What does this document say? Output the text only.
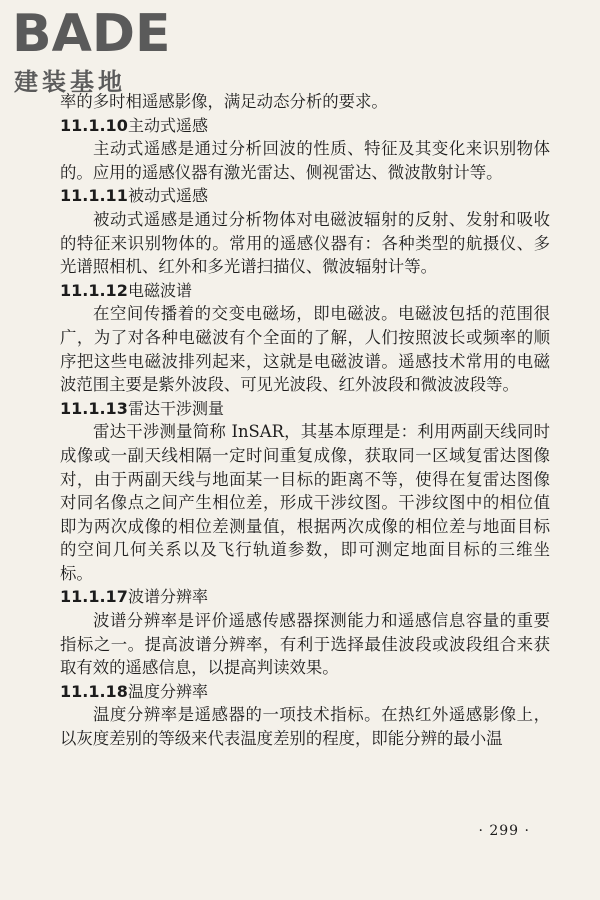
BADE
建装基地

率的多时相遥感影像，满足动态分析的要求。

11.1.10主动式遥感

主动式遥感是通过分析回波的性质、特征及其变化来识别物体的。应用的遥感仪器有激光雷达、侧视雷达、微波散射计等。

11.1.11被动式遥感

被动式遥感是通过分析物体对电磁波辐射的反射、发射和吸收的特征来识别物体的。常用的遥感仪器有：各种类型的航摄仪、多光谱照相机、红外和多光谱扫描仪、微波辐射计等。

11.1.12电磁波谱

在空间传播着的交变电磁场，即电磁波。电磁波包括的范围很广，为了对各种电磁波有个全面的了解，人们按照波长或频率的顺序把这些电磁波排列起来，这就是电磁波谱。遥感技术常用的电磁波范围主要是紫外波段、可见光波段、红外波段和微波波段等。

11.1.13雷达干涉测量

雷达干涉测量简称 InSAR，其基本原理是：利用两副天线同时成像或一副天线相隔一定时间重复成像，获取同一区域复雷达图像对，由于两副天线与地面某一目标的距离不等，使得在复雷达图像对同名像点之间产生相位差，形成干涉纹图。干涉纹图中的相位值即为两次成像的相位差测量值，根据两次成像的相位差与地面目标的空间几何关系以及飞行轨道参数，即可测定地面目标的三维坐标。

11.1.17波谱分辨率

波谱分辨率是评价遥感传感器探测能力和遥感信息容量的重要指标之一。提高波谱分辨率，有利于选择最佳波段或波段组合来获取有效的遥感信息，以提高判读效果。

11.1.18温度分辨率

温度分辨率是遥感器的一项技术指标。在热红外遥感影像上，以灰度差别的等级来代表温度差别的程度，即能分辨的最小温

· 299 ·
